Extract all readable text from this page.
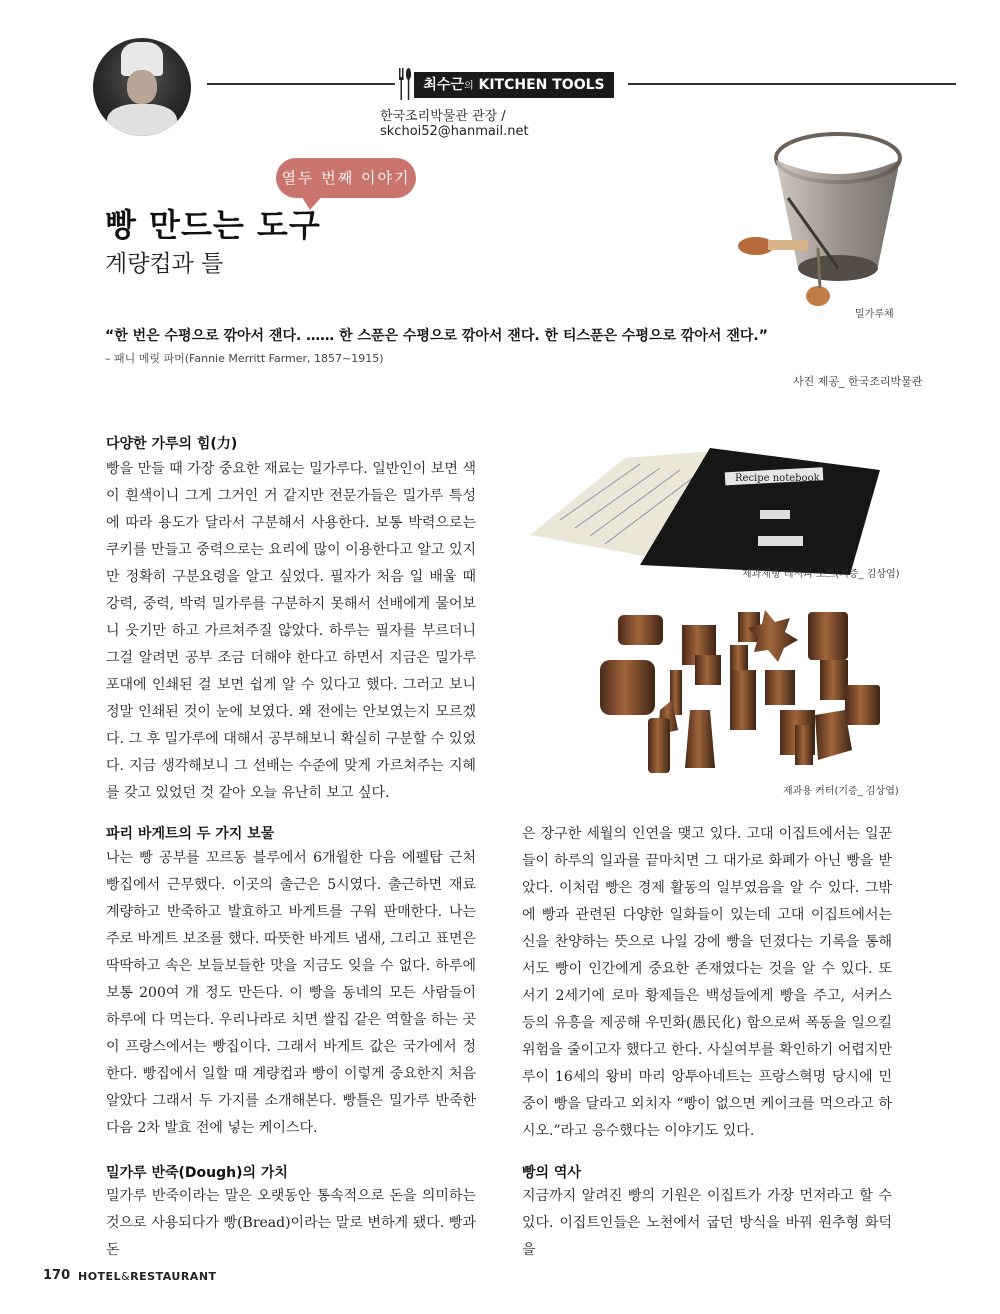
최수근의 KITCHEN TOOLS
한국조리박물관 관장 / skchoi52@hanmail.net
열두 번째 이야기
빵 만드는 도구
계량컵과 틀
밀가루체
“한 번은 수평으로 깎아서 잰다. …… 한 스푼은 수평으로 깎아서 잰다. 한 티스푼은 수평으로 깎아서 잰다.”
– 패니 메릿 파머(Fannie Merritt Farmer, 1857~1915)
사진 제공_ 한국조리박물관
다양한 가루의 힘(力)
빵을 만들 때 가장 중요한 재료는 밀가루다. 일반인이 보면 색이 흰색이니 그게 그거인 거 같지만 전문가들은 밀가루 특성에 따라 용도가 달라서 구분해서 사용한다. 보통 박력으로는 쿠키를 만들고 중력으로는 요리에 많이 이용한다고 알고 있지만 정확히 구분요령을 알고 싶었다. 필자가 처음 일 배울 때 강력, 중력, 박력 밀가루를 구분하지 못해서 선배에게 물어보니 웃기만 하고 가르쳐주질 않았다. 하루는 필자를 부르더니 그걸 알려면 공부 조금 더해야 한다고 하면서 지금은 밀가루 포대에 인쇄된 걸 보면 쉽게 알 수 있다고 했다. 그러고 보니 정말 인쇄된 것이 눈에 보였다. 왜 전에는 안보였는지 모르겠다. 그 후 밀가루에 대해서 공부해보니 확실히 구분할 수 있었다. 지금 생각해보니 그 선배는 수준에 맞게 가르쳐주는 지혜를 갖고 있었던 것 같아 오늘 유난히 보고 싶다.
파리 바게트의 두 가지 보물
나는 빵 공부를 꼬르동 블루에서 6개월한 다음 에펠탑 근처 빵집에서 근무했다. 이곳의 출근은 5시였다. 출근하면 재료 계량하고 반죽하고 발효하고 바게트를 구워 판매한다. 나는 주로 바게트 보조를 했다. 따뜻한 바게트 냄새, 그리고 표면은 딱딱하고 속은 보들보들한 맛을 지금도 잊을 수 없다. 하루에 보통 200여 개 정도 만든다. 이 빵을 동네의 모든 사람들이 하루에 다 먹는다. 우리나라로 치면 쌀집 같은 역할을 하는 곳이 프랑스에서는 빵집이다. 그래서 바게트 값은 국가에서 정한다. 빵집에서 일할 때 계량컵과 빵이 이렇게 중요한지 처음 알았다 그래서 두 가지를 소개해본다. 빵틀은 밀가루 반죽한 다음 2차 발효 전에 넣는 케이스다.
밀가루 반죽(Dough)의 가치
밀가루 반죽이라는 말은 오랫동안 통속적으로 돈을 의미하는 것으로 사용되다가 빵(Bread)이라는 말로 변하게 됐다. 빵과 돈
Recipe notebook
제과제빵 레시피 노트(기증_ 김상엽)
제과용 커터(기증_ 김상엽)
은 장구한 세월의 인연을 맺고 있다. 고대 이집트에서는 일꾼들이 하루의 일과를 끝마치면 그 대가로 화폐가 아닌 빵을 받았다. 이처럼 빵은 경제 활동의 일부였음을 알 수 있다. 그밖에 빵과 관련된 다양한 일화들이 있는데 고대 이집트에서는 신을 찬양하는 뜻으로 나일 강에 빵을 던졌다는 기록을 통해서도 빵이 인간에게 중요한 존재였다는 것을 알 수 있다. 또 서기 2세기에 로마 황제들은 백성들에게 빵을 주고, 서커스 등의 유흥을 제공해 우민화(愚民化) 함으로써 폭동을 일으킬 위험을 줄이고자 했다고 한다. 사실여부를 확인하기 어렵지만 루이 16세의 왕비 마리 앙투아네트는 프랑스혁명 당시에 민중이 빵을 달라고 외치자 “빵이 없으면 케이크를 먹으라고 하시오.”라고 응수했다는 이야기도 있다.
빵의 역사
지금까지 알려진 빵의 기원은 이집트가 가장 먼저라고 할 수 있다. 이집트인들은 노천에서 굽던 방식을 바꿔 원추형 화덕을
170 HOTEL&RESTAURANT
